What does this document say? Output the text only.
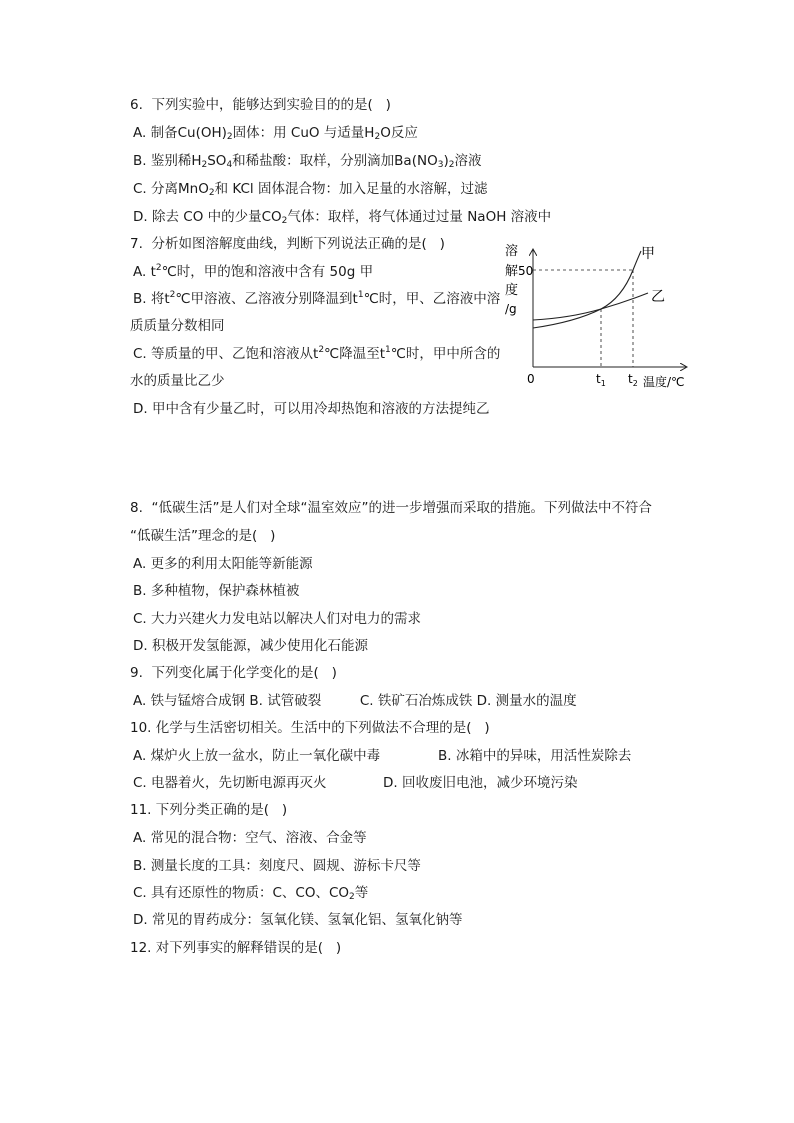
6.  下列实验中，能够达到实验目的的是(   )
A. 制备$Cu(OH)_2$固体：用 CuO 与适量$H_2O$反应
B. 鉴别稀$H_2SO_4$和稀盐酸：取样，分别滴加$Ba(NO_3)_2$溶液
C. 分离MnO$_2$和 KCl 固体混合物：加入足量的水溶解，过滤
D. 除去 CO 中的少量$CO_2$气体：取样，将气体通过过量 NaOH 溶液中
7.  分析如图溶解度曲线，判断下列说法正确的是(   )
A. $t^2℃$时，甲的饱和溶液中含有 50g 甲
B. 将$t^2℃$甲溶液、乙溶液分别降温到$t^1℃$时，甲、乙溶液中溶
质质量分数相同
C. 等质量的甲、乙饱和溶液从$t^2℃$降温至$t^1℃$时，甲中所含的
水的质量比乙少
D. 甲中含有少量乙时，可以用冷却热饱和溶液的方法提纯乙
溶
解
度
/g
50
甲
乙
0	$t_1$ $t_2$ 温度/℃
8.  “低碳生活”是人们对全球“温室效应”的进一步增强而采取的措施。下列做法中不符合
“低碳生活”理念的是(   )
A. 更多的利用太阳能等新能源
B. 多种植物，保护森林植被
C. 大力兴建火力发电站以解决人们对电力的需求
D. 积极开发氢能源，减少使用化石能源
9.  下列变化属于化学变化的是(   )
A. 铁与锰熔合成钢 B. 试管破裂	C. 铁矿石冶炼成铁 D. 测量水的温度
10. 化学与生活密切相关。生活中的下列做法不合理的是(   )
A. 煤炉火上放一盆水，防止一氧化碳中毒	B. 冰箱中的异味，用活性炭除去
C. 电器着火，先切断电源再灭火	D. 回收废旧电池，减少环境污染
11. 下列分类正确的是(   )
A. 常见的混合物：空气、溶液、合金等
B. 测量长度的工具：刻度尺、圆规、游标卡尺等
C. 具有还原性的物质：C、CO、$CO_2$等
D. 常见的胃药成分：氢氧化镁、氢氧化铝、氢氧化钠等
12. 对下列事实的解释错误的是(   )
